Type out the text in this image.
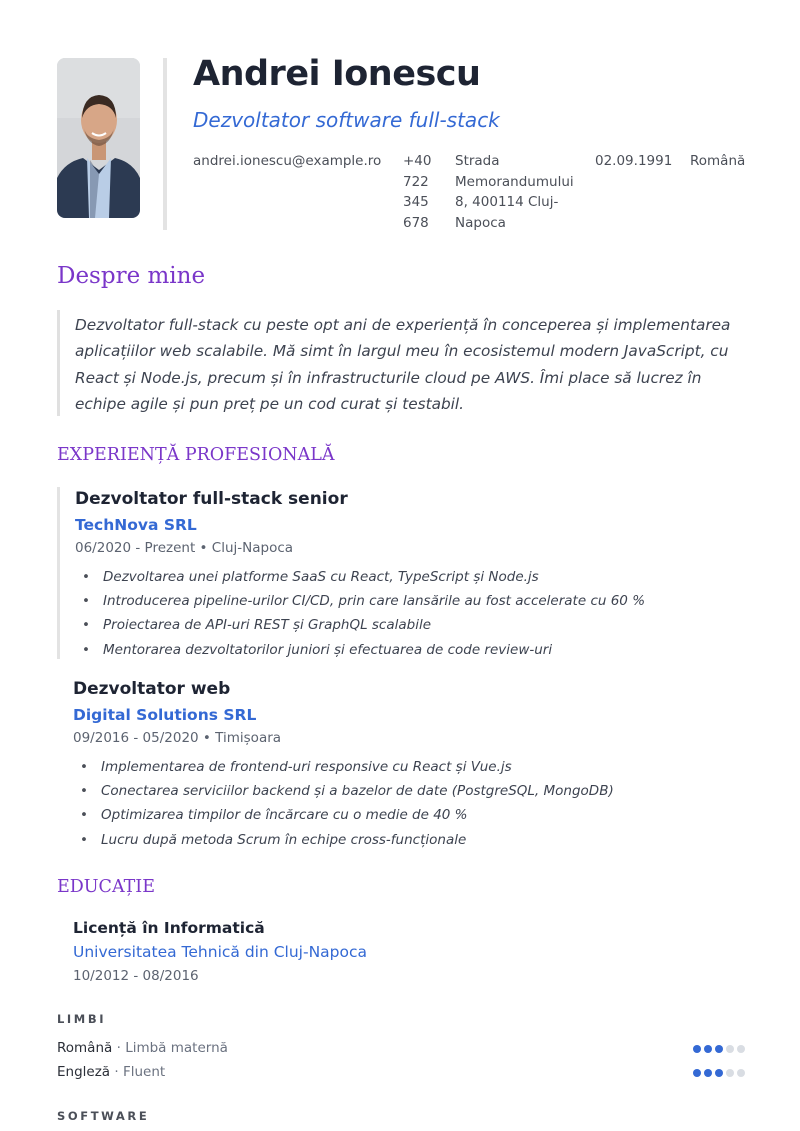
Andrei Ionescu
Dezvoltator software full-stack
andrei.ionescu@example.ro +40 722 345 678
Strada Memorandumului 8, 400114 Cluj-Napoca
02.09.1991 Română
Despre mine
Dezvoltator full-stack cu peste opt ani de experiență în conceperea și implementarea aplicațiilor web scalabile. Mă simt în largul meu în ecosistemul modern JavaScript, cu React și Node.js, precum și în infrastructurile cloud pe AWS. Îmi place să lucrez în echipe agile și pun preț pe un cod curat și testabil.
EXPERIENȚĂ PROFESIONALĂ
Dezvoltator full-stack senior
TechNova SRL
06/2020 - Prezent • Cluj-Napoca
• Dezvoltarea unei platforme SaaS cu React, TypeScript și Node.js
• Introducerea pipeline-urilor CI/CD, prin care lansările au fost accelerate cu 60 %
• Proiectarea de API-uri REST și GraphQL scalabile
• Mentorarea dezvoltatorilor juniori și efectuarea de code review-uri
Dezvoltator web
Digital Solutions SRL
09/2016 - 05/2020 • Timișoara
• Implementarea de frontend-uri responsive cu React și Vue.js
• Conectarea serviciilor backend și a bazelor de date (PostgreSQL, MongoDB)
• Optimizarea timpilor de încărcare cu o medie de 40 %
• Lucru după metoda Scrum în echipe cross-funcționale
EDUCAȚIE
Licență în Informatică
Universitatea Tehnică din Cluj-Napoca
10/2012 - 08/2016
LIMBI
Română · Limbă maternă
Engleză · Fluent
SOFTWARE
